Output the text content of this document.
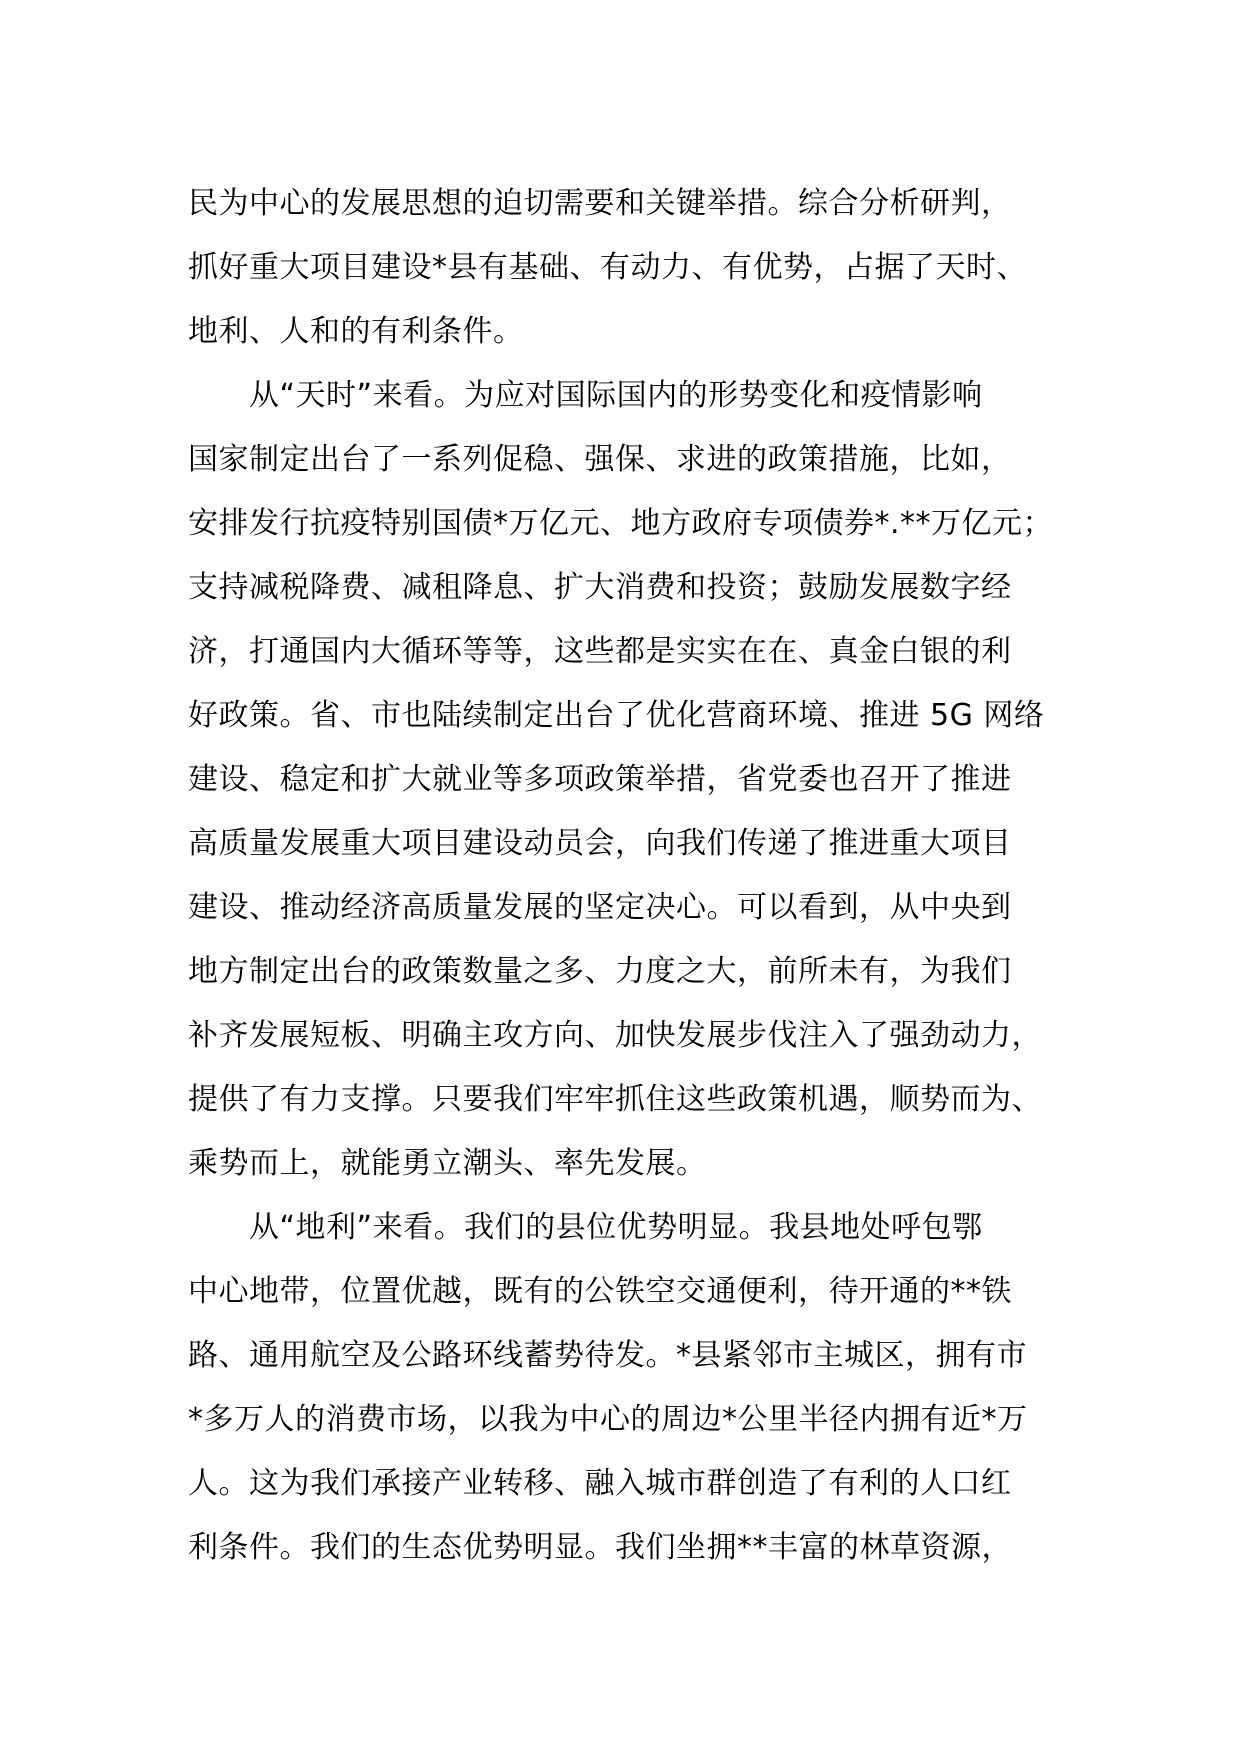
民为中心的发展思想的迫切需要和关键举措。综合分析研判，
抓好重大项目建设*县有基础、有动力、有优势，占据了天时、
地利、人和的有利条件。
　　从“天时”来看。为应对国际国内的形势变化和疫情影响
国家制定出台了一系列促稳、强保、求进的政策措施，比如，
安排发行抗疫特别国债*万亿元、地方政府专项债券*.**万亿元；
支持减税降费、减租降息、扩大消费和投资；鼓励发展数字经
济，打通国内大循环等等，这些都是实实在在、真金白银的利
好政策。省、市也陆续制定出台了优化营商环境、推进 5G 网络
建设、稳定和扩大就业等多项政策举措，省党委也召开了推进
高质量发展重大项目建设动员会，向我们传递了推进重大项目
建设、推动经济高质量发展的坚定决心。可以看到，从中央到
地方制定出台的政策数量之多、力度之大，前所未有，为我们
补齐发展短板、明确主攻方向、加快发展步伐注入了强劲动力，
提供了有力支撑。只要我们牢牢抓住这些政策机遇，顺势而为、
乘势而上，就能勇立潮头、率先发展。
　　从“地利”来看。我们的县位优势明显。我县地处呼包鄂
中心地带，位置优越，既有的公铁空交通便利，待开通的**铁
路、通用航空及公路环线蓄势待发。*县紧邻市主城区，拥有市
*多万人的消费市场，以我为中心的周边*公里半径内拥有近*万
人。这为我们承接产业转移、融入城市群创造了有利的人口红
利条件。我们的生态优势明显。我们坐拥**丰富的林草资源，
